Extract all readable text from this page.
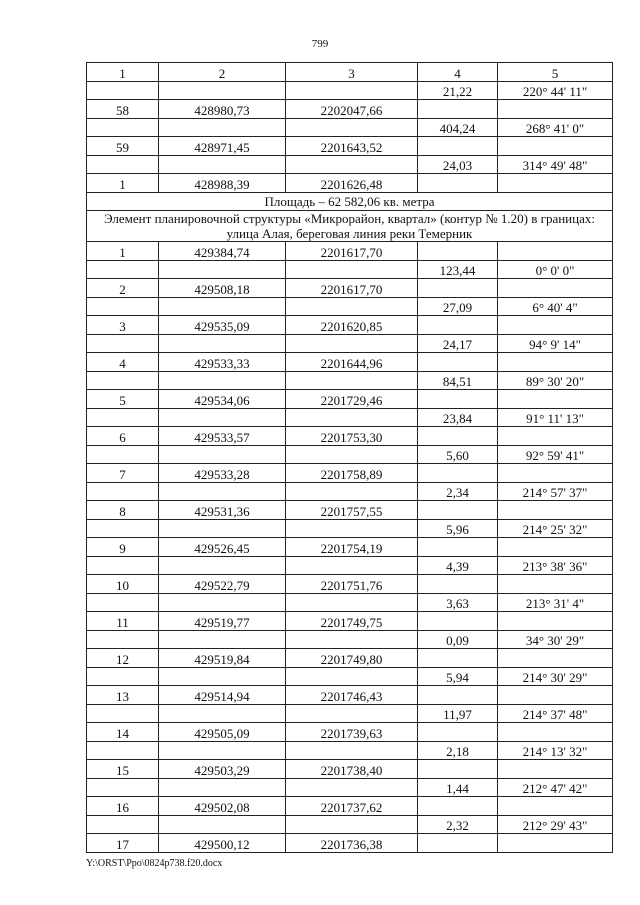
799
1	2	3	4	5
			21,22	220° 44' 11"
58	428980,73	2202047,66		
			404,24	268° 41' 0"
59	428971,45	2201643,52		
			24,03	314° 49' 48"
1	428988,39	2201626,48		
Площадь – 62 582,06 кв. метра				
Элемент планировочной структуры «Микрорайон, квартал» (контур № 1.20) в границах: улица Алая, береговая линия реки Темерник				
1	429384,74	2201617,70		
			123,44	0° 0' 0"
2	429508,18	2201617,70		
			27,09	6° 40' 4"
3	429535,09	2201620,85		
			24,17	94° 9' 14"
4	429533,33	2201644,96		
			84,51	89° 30' 20"
5	429534,06	2201729,46		
			23,84	91° 11' 13"
6	429533,57	2201753,30		
			5,60	92° 59' 41"
7	429533,28	2201758,89		
			2,34	214° 57' 37"
8	429531,36	2201757,55		
			5,96	214° 25' 32"
9	429526,45	2201754,19		
			4,39	213° 38' 36"
10	429522,79	2201751,76		
			3,63	213° 31' 4"
11	429519,77	2201749,75		
			0,09	34° 30' 29"
12	429519,84	2201749,80		
			5,94	214° 30' 29"
13	429514,94	2201746,43		
			11,97	214° 37' 48"
14	429505,09	2201739,63		
			2,18	214° 13' 32"
15	429503,29	2201738,40		
			1,44	212° 47' 42"
16	429502,08	2201737,62		
			2,32	212° 29' 43"
17	429500,12	2201736,38		
Y:\ORST\Ppo\0824p738.f20.docx
